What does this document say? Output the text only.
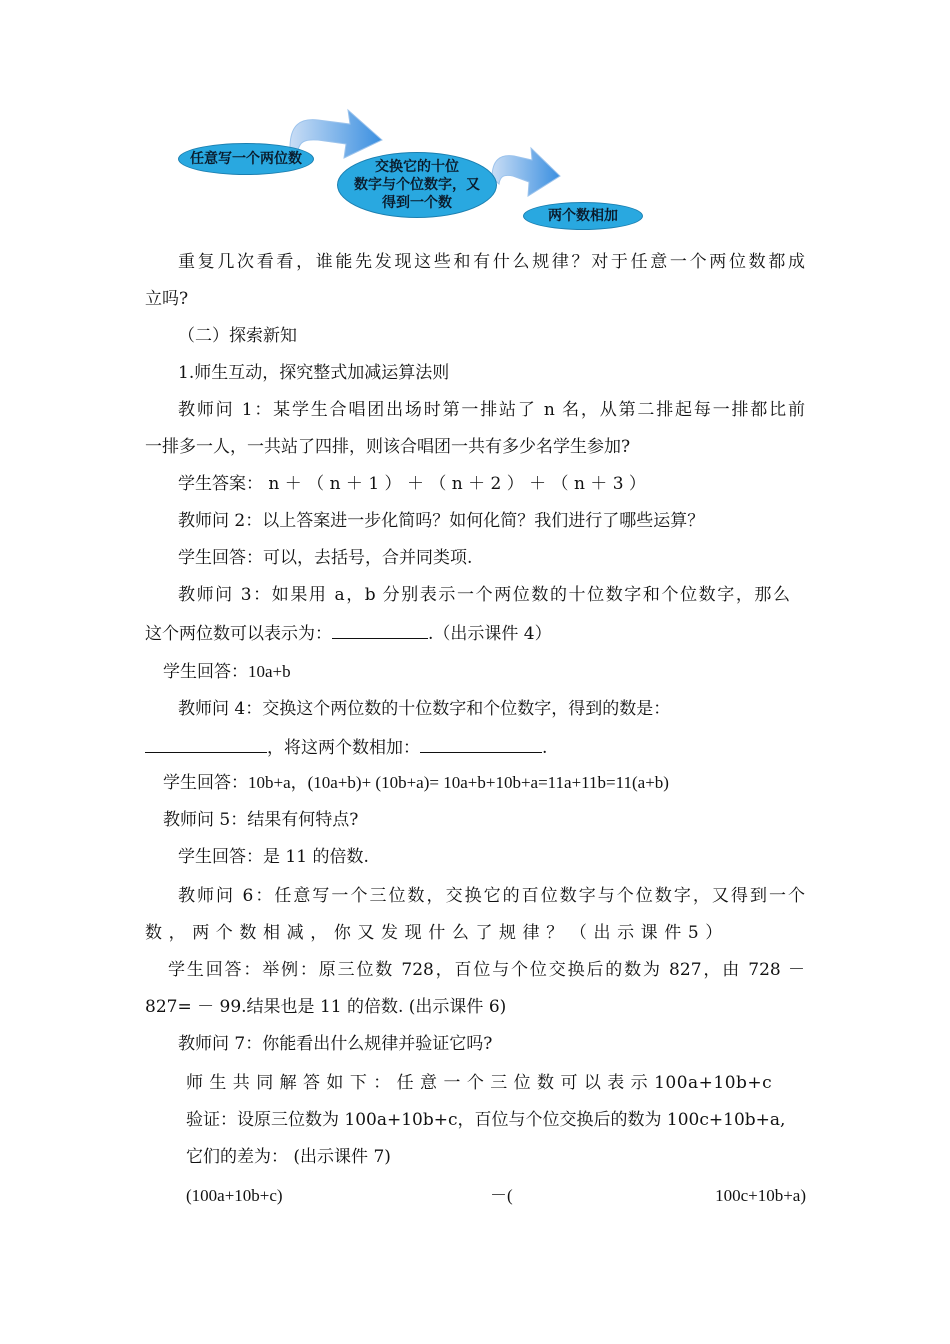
任意写一个两位数	交换它的十位
数字与个位数字，又
得到一个数
两个数相加
重复几次看看，谁能先发现这些和有什么规律？对于任意一个两位数都成
立吗?
（二）探索新知
1.师生互动，探究整式加减运算法则
教师问 1：某学生合唱团出场时第一排站了 n 名，从第二排起每一排都比前
一排多一人，一共站了四排，则该合唱团一共有多少名学生参加?
学生答案： n ＋ （ n ＋ 1 ） ＋ （ n ＋ 2 ） ＋ （ n ＋ 3 ）
教师问 2：以上答案进一步化简吗？如何化简？我们进行了哪些运算？
学生回答：可以，去括号，合并同类项.
教师问 3：如果用 a，b 分别表示一个两位数的十位数字和个位数字，那么
这个两位数可以表示为：	.（出示课件 4）
学生回答：10a+b
教师问 4：交换这个两位数的十位数字和个位数字，得到的数是：
，将这两个数相加：	.
学生回答：10b+a，(10a+b)+ (10b+a)= 10a+b+10b+a=11a+11b=11(a+b)
教师问 5：结果有何特点?
学生回答：是 11 的倍数.
教师问 6：任意写一个三位数，交换它的百位数字与个位数字，又得到一个
数 ， 两 个 数 相 减 ， 你 又 发 现 什 么 了 规 律 ？ （ 出 示 课 件 5 ）
学生回答：举例：原三位数 728，百位与个位交换后的数为 827，由 728 －
827= － 99.结果也是 11 的倍数. (出示课件 6)
教师问 7：你能看出什么规律并验证它吗?
师 生 共 同 解 答 如 下 ： 任 意 一 个 三 位 数 可 以 表 示 100a+10b+c
验证：设原三位数为 100a+10b+c，百位与个位交换后的数为 100c+10b+a,
它们的差为： (出示课件 7)
(100a+10b+c)	－(	100c+10b+a)
